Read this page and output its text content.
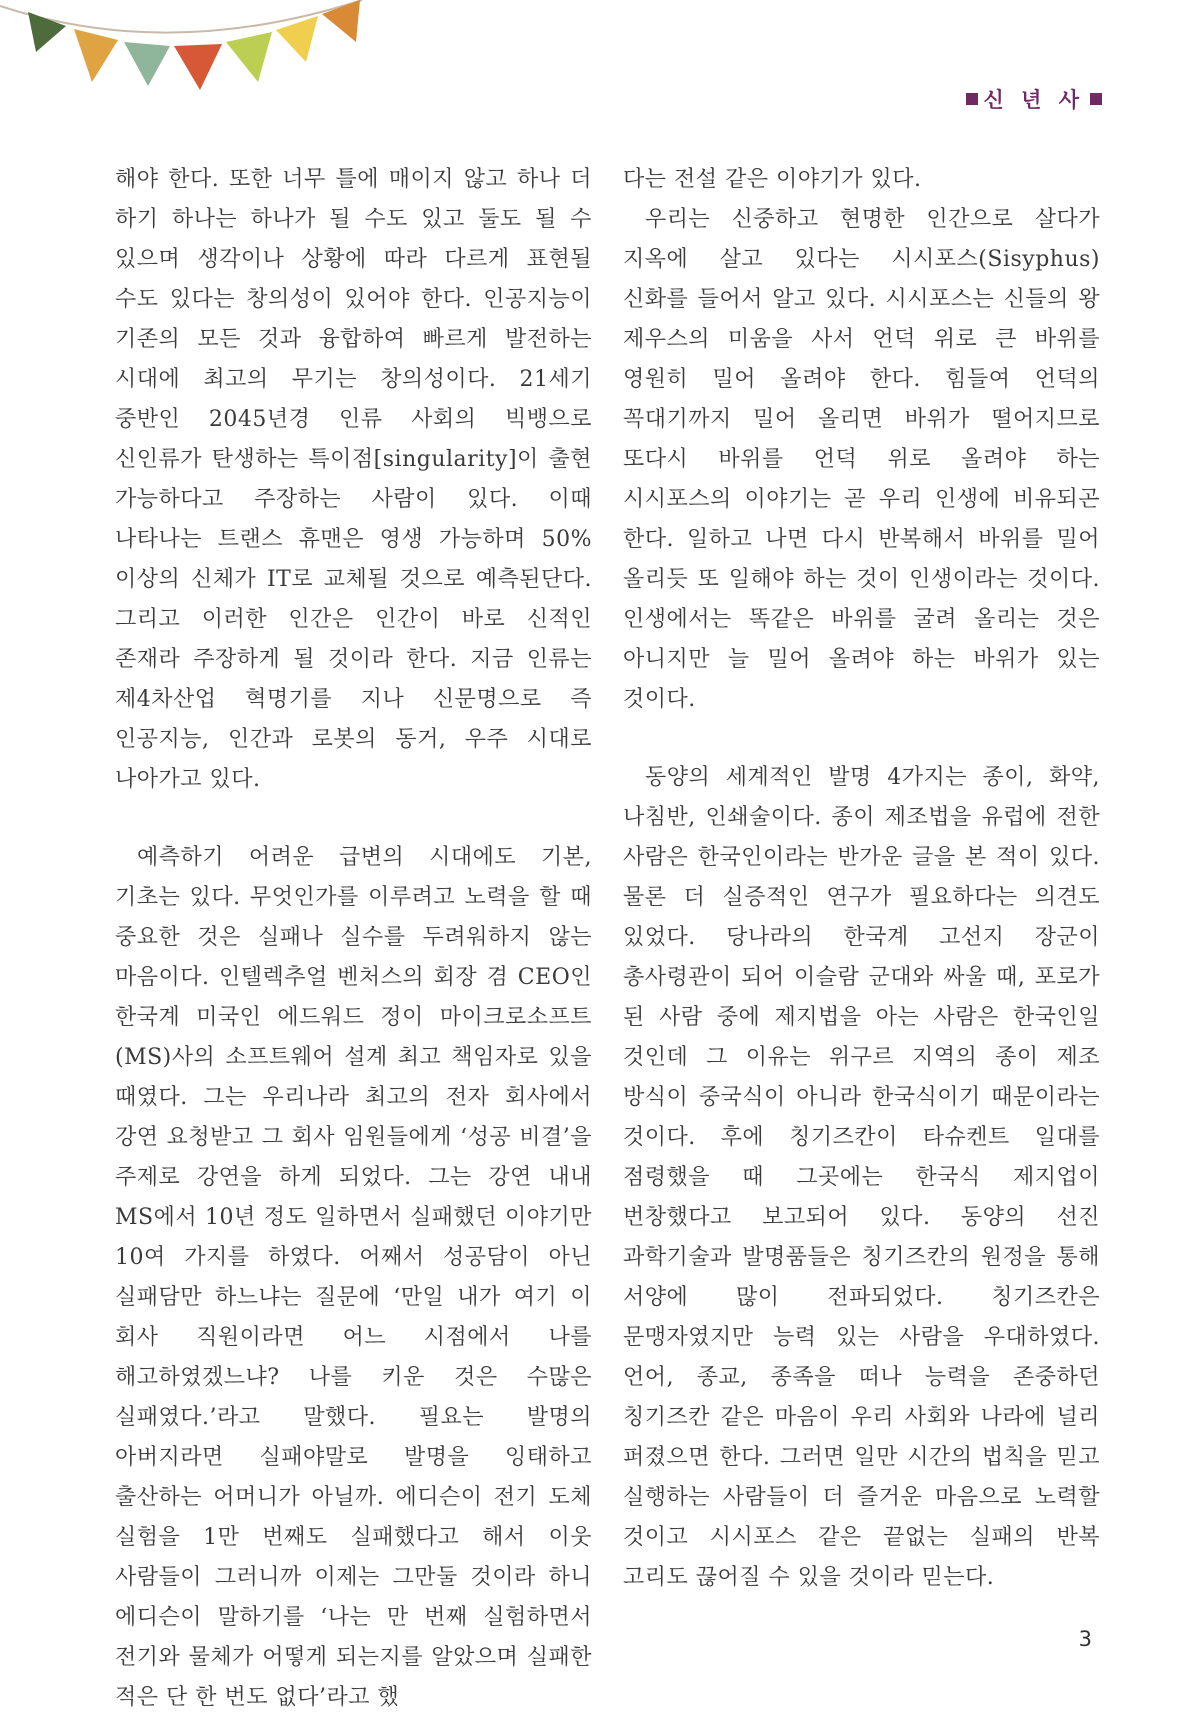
신 년 사

해야 한다. 또한 너무 틀에 매이지 않고 하나 더 하기 하나는 하나가 될 수도 있고 둘도 될 수 있으며 생각이나 상황에 따라 다르게 표현될 수도 있다는 창의성이 있어야 한다. 인공지능이 기존의 모든 것과 융합하여 빠르게 발전하는 시대에 최고의 무기는 창의성이다. 21세기 중반인 2045년경 인류 사회의 빅뱅으로 신인류가 탄생하는 특이점[singularity]이 출현 가능하다고 주장하는 사람이 있다. 이때 나타나는 트랜스 휴맨은 영생 가능하며 50% 이상의 신체가 IT로 교체될 것으로 예측된단다. 그리고 이러한 인간은 인간이 바로 신적인 존재라 주장하게 될 것이라 한다. 지금 인류는 제4차산업 혁명기를 지나 신문명으로 즉 인공지능, 인간과 로봇의 동거, 우주 시대로 나아가고 있다.

예측하기 어려운 급변의 시대에도 기본, 기초는 있다. 무엇인가를 이루려고 노력을 할 때 중요한 것은 실패나 실수를 두려워하지 않는 마음이다. 인텔렉추얼 벤처스의 회장 겸 CEO인 한국계 미국인 에드워드 정이 마이크로소프트(MS)사의 소프트웨어 설계 최고 책임자로 있을 때였다. 그는 우리나라 최고의 전자 회사에서 강연 요청받고 그 회사 임원들에게 ‘성공 비결’을 주제로 강연을 하게 되었다. 그는 강연 내내 MS에서 10년 정도 일하면서 실패했던 이야기만 10여 가지를 하였다. 어째서 성공담이 아닌 실패담만 하느냐는 질문에 ‘만일 내가 여기 이 회사 직원이라면 어느 시점에서 나를 해고하였겠느냐? 나를 키운 것은 수많은 실패였다.’라고 말했다. 필요는 발명의 아버지라면 실패야말로 발명을 잉태하고 출산하는 어머니가 아닐까. 에디슨이 전기 도체 실험을 1만 번째도 실패했다고 해서 이웃 사람들이 그러니까 이제는 그만둘 것이라 하니 에디슨이 말하기를 ‘나는 만 번째 실험하면서 전기와 물체가 어떻게 되는지를 알았으며 실패한 적은 단 한 번도 없다’라고 했

다는 전설 같은 이야기가 있다.

우리는 신중하고 현명한 인간으로 살다가 지옥에 살고 있다는 시시포스(Sisyphus) 신화를 들어서 알고 있다. 시시포스는 신들의 왕 제우스의 미움을 사서 언덕 위로 큰 바위를 영원히 밀어 올려야 한다. 힘들여 언덕의 꼭대기까지 밀어 올리면 바위가 떨어지므로 또다시 바위를 언덕 위로 올려야 하는 시시포스의 이야기는 곧 우리 인생에 비유되곤 한다. 일하고 나면 다시 반복해서 바위를 밀어 올리듯 또 일해야 하는 것이 인생이라는 것이다. 인생에서는 똑같은 바위를 굴려 올리는 것은 아니지만 늘 밀어 올려야 하는 바위가 있는 것이다.

동양의 세계적인 발명 4가지는 종이, 화약, 나침반, 인쇄술이다. 종이 제조법을 유럽에 전한 사람은 한국인이라는 반가운 글을 본 적이 있다. 물론 더 실증적인 연구가 필요하다는 의견도 있었다. 당나라의 한국계 고선지 장군이 총사령관이 되어 이슬람 군대와 싸울 때, 포로가 된 사람 중에 제지법을 아는 사람은 한국인일 것인데 그 이유는 위구르 지역의 종이 제조 방식이 중국식이 아니라 한국식이기 때문이라는 것이다. 후에 칭기즈칸이 타슈켄트 일대를 점령했을 때 그곳에는 한국식 제지업이 번창했다고 보고되어 있다. 동양의 선진 과학기술과 발명품들은 칭기즈칸의 원정을 통해 서양에 많이 전파되었다. 칭기즈칸은 문맹자였지만 능력 있는 사람을 우대하였다. 언어, 종교, 종족을 떠나 능력을 존중하던 칭기즈칸 같은 마음이 우리 사회와 나라에 널리 퍼졌으면 한다. 그러면 일만 시간의 법칙을 믿고 실행하는 사람들이 더 즐거운 마음으로 노력할 것이고 시시포스 같은 끝없는 실패의 반복 고리도 끊어질 수 있을 것이라 믿는다.

3
